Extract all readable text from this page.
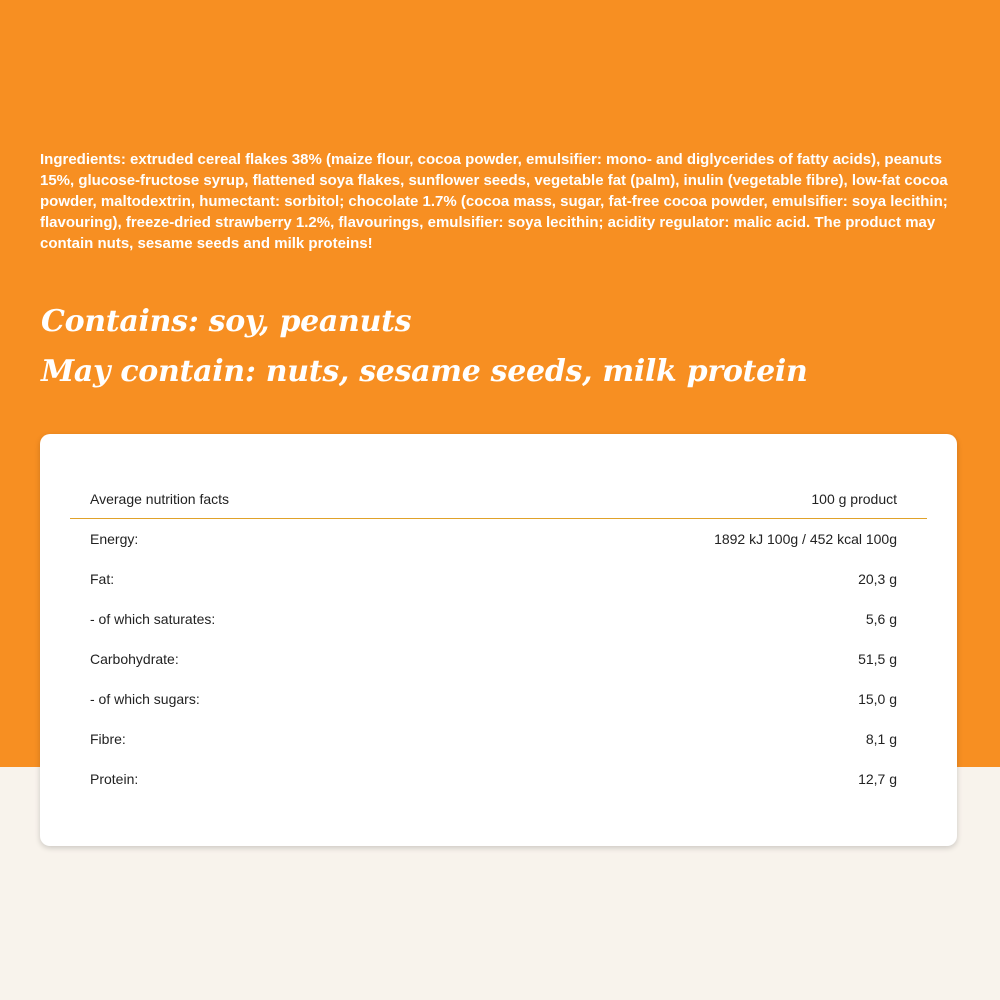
Ingredients: extruded cereal flakes 38% (maize flour, cocoa powder, emulsifier: mono- and diglycerides of fatty acids), peanuts 15%, glucose-fructose syrup, flattened soya flakes, sunflower seeds, vegetable fat (palm), inulin (vegetable fibre), low-fat cocoa powder, maltodextrin, humectant: sorbitol; chocolate 1.7% (cocoa mass, sugar, fat-free cocoa powder, emulsifier: soya lecithin; flavouring), freeze-dried strawberry 1.2%, flavourings, emulsifier: soya lecithin; acidity regulator: malic acid. The product may contain nuts, sesame seeds and milk proteins!

Contains: soy, peanuts

May contain: nuts, sesame seeds, milk protein

Average nutrition facts	100 g product
Energy:	1892 kJ 100g / 452 kcal 100g
Fat:	20,3 g
- of which saturates:	5,6 g
Carbohydrate:	51,5 g
- of which sugars:	15,0 g
Fibre:	8,1 g
Protein:	12,7 g
